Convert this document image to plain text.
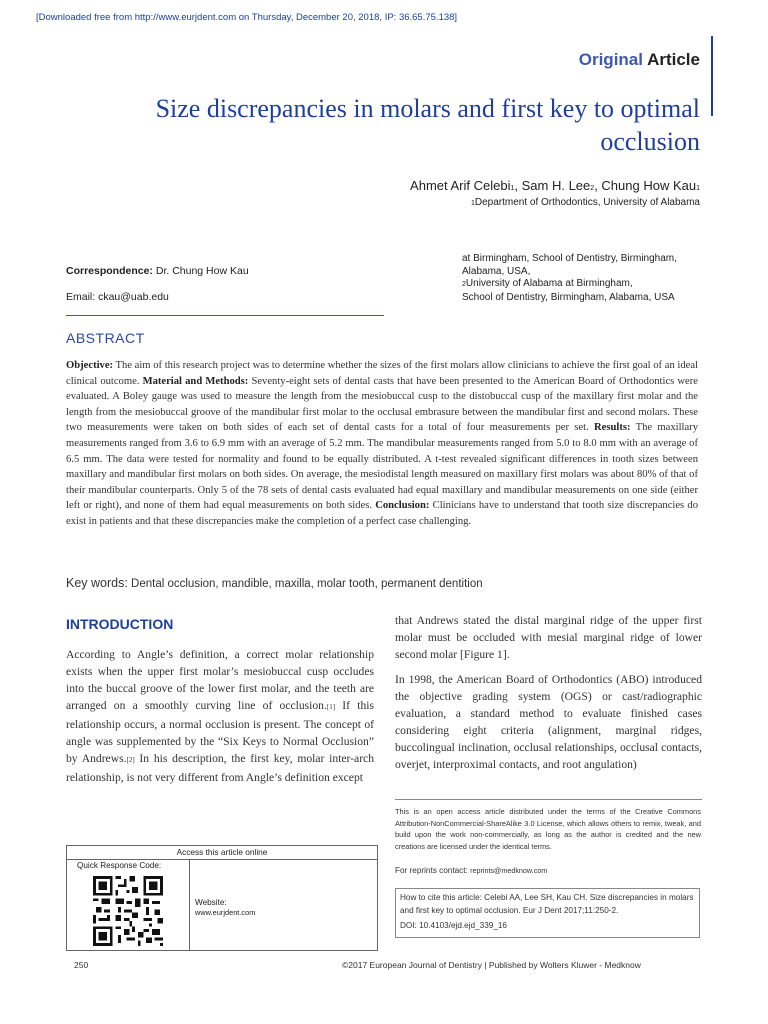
[Downloaded free from http://www.eurjdent.com on Thursday, December 20, 2018, IP: 36.65.75.138]
Original Article
Size discrepancies in molars and first key to optimal occlusion
Ahmet Arif Celebi1, Sam H. Lee2, Chung How Kau1
1Department of Orthodontics, University of Alabama
at Birmingham, School of Dentistry, Birmingham,
Alabama, USA,
2University of Alabama at Birmingham,
School of Dentistry, Birmingham, Alabama, USA
Correspondence: Dr. Chung How Kau
Email: ckau@uab.edu
ABSTRACT
Objective: The aim of this research project was to determine whether the sizes of the first molars allow clinicians to achieve the first goal of an ideal clinical outcome. Material and Methods: Seventy-eight sets of dental casts that have been presented to the American Board of Orthodontics were evaluated. A Boley gauge was used to measure the length from the mesiobuccal cusp to the distobuccal cusp of the maxillary first molar and the length from the mesiobuccal groove of the mandibular first molar to the occlusal embrasure between the mandibular first and second molars. These two measurements were taken on both sides of each set of dental casts for a total of four measurements per set. Results: The maxillary measurements ranged from 3.6 to 6.9 mm with an average of 5.2 mm. The mandibular measurements ranged from 5.0 to 8.0 mm with an average of 6.5 mm. The data were tested for normality and found to be equally distributed. A t-test revealed significant differences in tooth sizes between maxillary and mandibular first molars on both sides. On average, the mesiodistal length measured on maxillary first molars was about 80% of that of their mandibular counterparts. Only 5 of the 78 sets of dental casts evaluated had equal maxillary and mandibular measurements on one side (either left or right), and none of them had equal measurements on both sides. Conclusion: Clinicians have to understand that tooth size discrepancies do exist in patients and that these discrepancies make the completion of a perfect case challenging.
Key words: Dental occlusion, mandible, maxilla, molar tooth, permanent dentition
INTRODUCTION
According to Angle’s definition, a correct molar relationship exists when the upper first molar’s mesiobuccal cusp occludes into the buccal groove of the lower first molar, and the teeth are arranged on a smoothly curving line of occlusion.[1] If this relationship occurs, a normal occlusion is present. The concept of angle was supplemented by the “Six Keys to Normal Occlusion” by Andrews.[2] In his description, the first key, molar inter-arch relationship, is not very different from Angle’s definition except

that Andrews stated the distal marginal ridge of the upper first molar must be occluded with mesial marginal ridge of lower second molar [Figure 1].

In 1998, the American Board of Orthodontics (ABO) introduced the objective grading system (OGS) or cast/radiographic evaluation, a standard method to evaluate finished cases considering eight criteria (alignment, marginal ridges, buccolingual inclination, occlusal relationships, occlusal contacts, overjet, interproximal contacts, and root angulation)

This is an open access article distributed under the terms of the Creative Commons Attribution-NonCommercial-ShareAlike 3.0 License, which allows others to remix, tweak, and build upon the work non-commercially, as long as the author is credited and the new creations are licensed under the identical terms.
For reprints contact: reprints@medknow.com
How to cite this article: Celebi AA, Lee SH, Kau CH. Size discrepancies in molars and first key to optimal occlusion. Eur J Dent 2017;11:250-2.
DOI: 10.4103/ejd.ejd_339_16
Access this article online
Quick Response Code:
Website:
www.eurjdent.com
250	©2017 European Journal of Dentistry | Published by Wolters Kluwer - Medknow
